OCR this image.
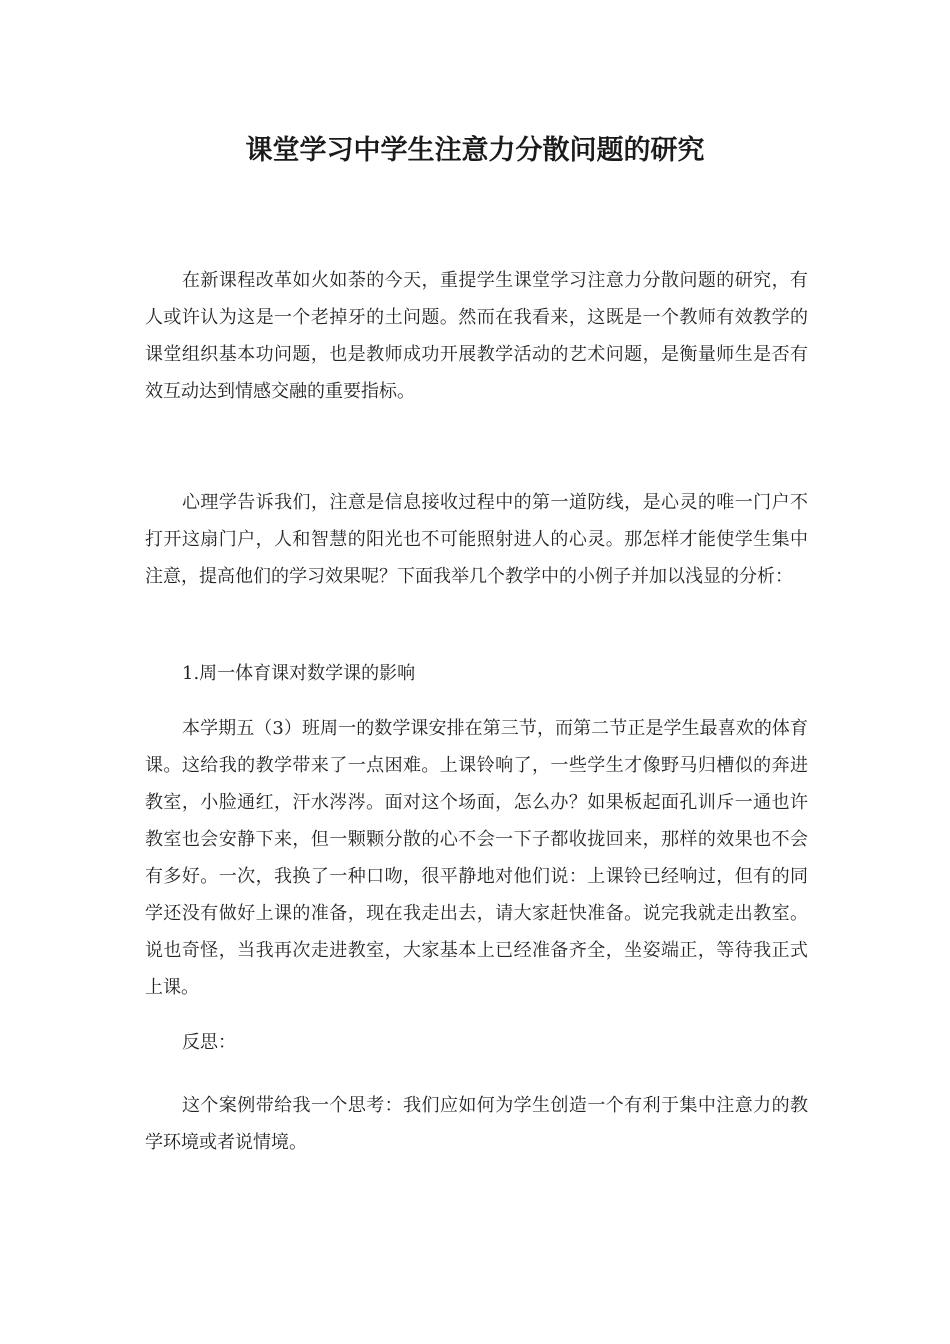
课堂学习中学生注意力分散问题的研究

在新课程改革如火如荼的今天，重提学生课堂学习注意力分散问题的研究，有人或许认为这是一个老掉牙的土问题。然而在我看来，这既是一个教师有效教学的课堂组织基本功问题，也是教师成功开展教学活动的艺术问题，是衡量师生是否有效互动达到情感交融的重要指标。

心理学告诉我们，注意是信息接收过程中的第一道防线，是心灵的唯一门户不打开这扇门户，人和智慧的阳光也不可能照射进人的心灵。那怎样才能使学生集中注意，提高他们的学习效果呢？下面我举几个教学中的小例子并加以浅显的分析：

1.周一体育课对数学课的影响

本学期五（3）班周一的数学课安排在第三节，而第二节正是学生最喜欢的体育课。这给我的教学带来了一点困难。上课铃响了，一些学生才像野马归槽似的奔进教室，小脸通红，汗水涔涔。面对这个场面，怎么办？如果板起面孔训斥一通也许教室也会安静下来，但一颗颗分散的心不会一下子都收拢回来，那样的效果也不会有多好。一次，我换了一种口吻，很平静地对他们说：上课铃已经响过，但有的同学还没有做好上课的准备，现在我走出去，请大家赶快准备。说完我就走出教室。说也奇怪，当我再次走进教室，大家基本上已经准备齐全，坐姿端正，等待我正式上课。

反思：

这个案例带给我一个思考：我们应如何为学生创造一个有利于集中注意力的教学环境或者说情境。
